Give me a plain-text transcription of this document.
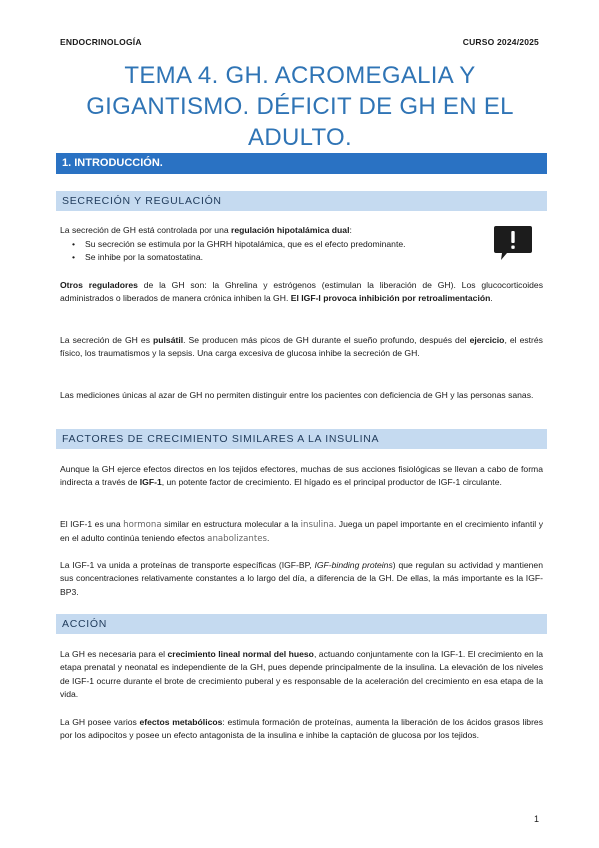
ENDOCRINOLOGÍA	CURSO 2024/2025
TEMA 4. GH. ACROMEGALIA Y
GIGANTISMO. DÉFICIT DE GH EN EL
ADULTO.
1. INTRODUCCIÓN.
SECRECIÓN Y REGULACIÓN
La secreción de GH está controlada por una regulación hipotalámica dual:
• Su secreción se estimula por la GHRH hipotalámica, que es el efecto predominante.
• Se inhibe por la somatostatina.
Otros reguladores de la GH son: la Ghrelina y estrógenos (estimulan la liberación de GH). Los glucocorticoides administrados o liberados de manera crónica inhiben la GH. El IGF-I provoca inhibición por retroalimentación.
La secreción de GH es pulsátil. Se producen más picos de GH durante el sueño profundo, después del ejercicio, el estrés físico, los traumatismos y la sepsis. Una carga excesiva de glucosa inhibe la secreción de GH.
Las mediciones únicas al azar de GH no permiten distinguir entre los pacientes con deficiencia de GH y las personas sanas.
FACTORES DE CRECIMIENTO SIMILARES A LA INSULINA
Aunque la GH ejerce efectos directos en los tejidos efectores, muchas de sus acciones fisiológicas se llevan a cabo de forma indirecta a través de IGF-1, un potente factor de crecimiento. El hígado es el principal productor de IGF-1 circulante.
El IGF-1 es una hormona similar en estructura molecular a la insulina. Juega un papel importante en el crecimiento infantil y en el adulto continúa teniendo efectos anabolizantes.
La IGF-1 va unida a proteínas de transporte específicas (IGF-BP, IGF-binding proteins) que regulan su actividad y mantienen sus concentraciones relativamente constantes a lo largo del día, a diferencia de la GH. De ellas, la más importante es la IGF-BP3.
ACCIÓN
La GH es necesaria para el crecimiento lineal normal del hueso, actuando conjuntamente con la IGF-1. El crecimiento en la etapa prenatal y neonatal es independiente de la GH, pues depende principalmente de la insulina. La elevación de los niveles de IGF-1 ocurre durante el brote de crecimiento puberal y es responsable de la aceleración del crecimiento en esa etapa de la vida.
La GH posee varios efectos metabólicos: estimula formación de proteínas, aumenta la liberación de los ácidos grasos libres por los adipocitos y posee un efecto antagonista de la insulina e inhibe la captación de glucosa por los tejidos.
1
